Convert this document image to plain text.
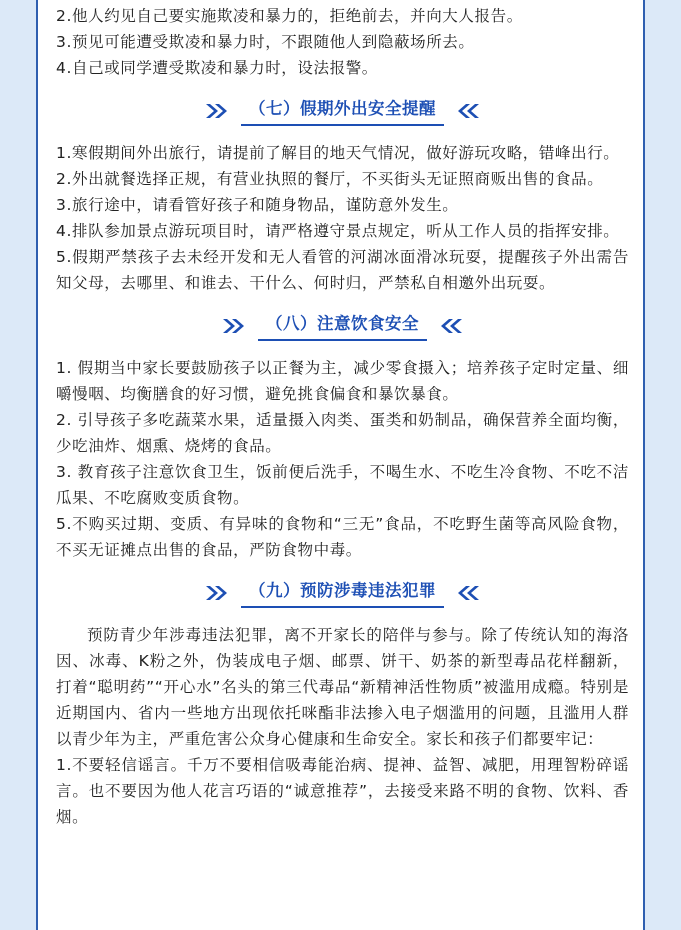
2.他人约见自己要实施欺凌和暴力的，拒绝前去，并向大人报告。

3.预见可能遭受欺凌和暴力时，不跟随他人到隐蔽场所去。

4.自己或同学遭受欺凌和暴力时，设法报警。

（七）假期外出安全提醒

1.寒假期间外出旅行，请提前了解目的地天气情况，做好游玩攻略，错峰出行。

2.外出就餐选择正规，有营业执照的餐厅，不买街头无证照商贩出售的食品。

3.旅行途中，请看管好孩子和随身物品，谨防意外发生。

4.排队参加景点游玩项目时，请严格遵守景点规定，听从工作人员的指挥安排。

5.假期严禁孩子去未经开发和无人看管的河湖冰面滑冰玩耍，提醒孩子外出需告知父母，去哪里、和谁去、干什么、何时归，严禁私自相邀外出玩耍。

（八）注意饮食安全

1. 假期当中家长要鼓励孩子以正餐为主，减少零食摄入；培养孩子定时定量、细嚼慢咽、均衡膳食的好习惯，避免挑食偏食和暴饮暴食。

2. 引导孩子多吃蔬菜水果，适量摄入肉类、蛋类和奶制品，确保营养全面均衡，少吃油炸、烟熏、烧烤的食品。

3. 教育孩子注意饮食卫生，饭前便后洗手，不喝生水、不吃生冷食物、不吃不洁瓜果、不吃腐败变质食物。

5.不购买过期、变质、有异味的食物和“三无”食品，不吃野生菌等高风险食物，不买无证摊点出售的食品，严防食物中毒。

（九）预防涉毒违法犯罪

预防青少年涉毒违法犯罪，离不开家长的陪伴与参与。除了传统认知的海洛因、冰毒、K粉之外，伪装成电子烟、邮票、饼干、奶茶的新型毒品花样翻新，打着“聪明药”“开心水”名头的第三代毒品“新精神活性物质”被滥用成瘾。特别是近期国内、省内一些地方出现依托咪酯非法掺入电子烟滥用的问题，且滥用人群以青少年为主，严重危害公众身心健康和生命安全。家长和孩子们都要牢记：

1.不要轻信谣言。千万不要相信吸毒能治病、提神、益智、减肥，用理智粉碎谣言。也不要因为他人花言巧语的“诚意推荐”，去接受来路不明的食物、饮料、香烟。
